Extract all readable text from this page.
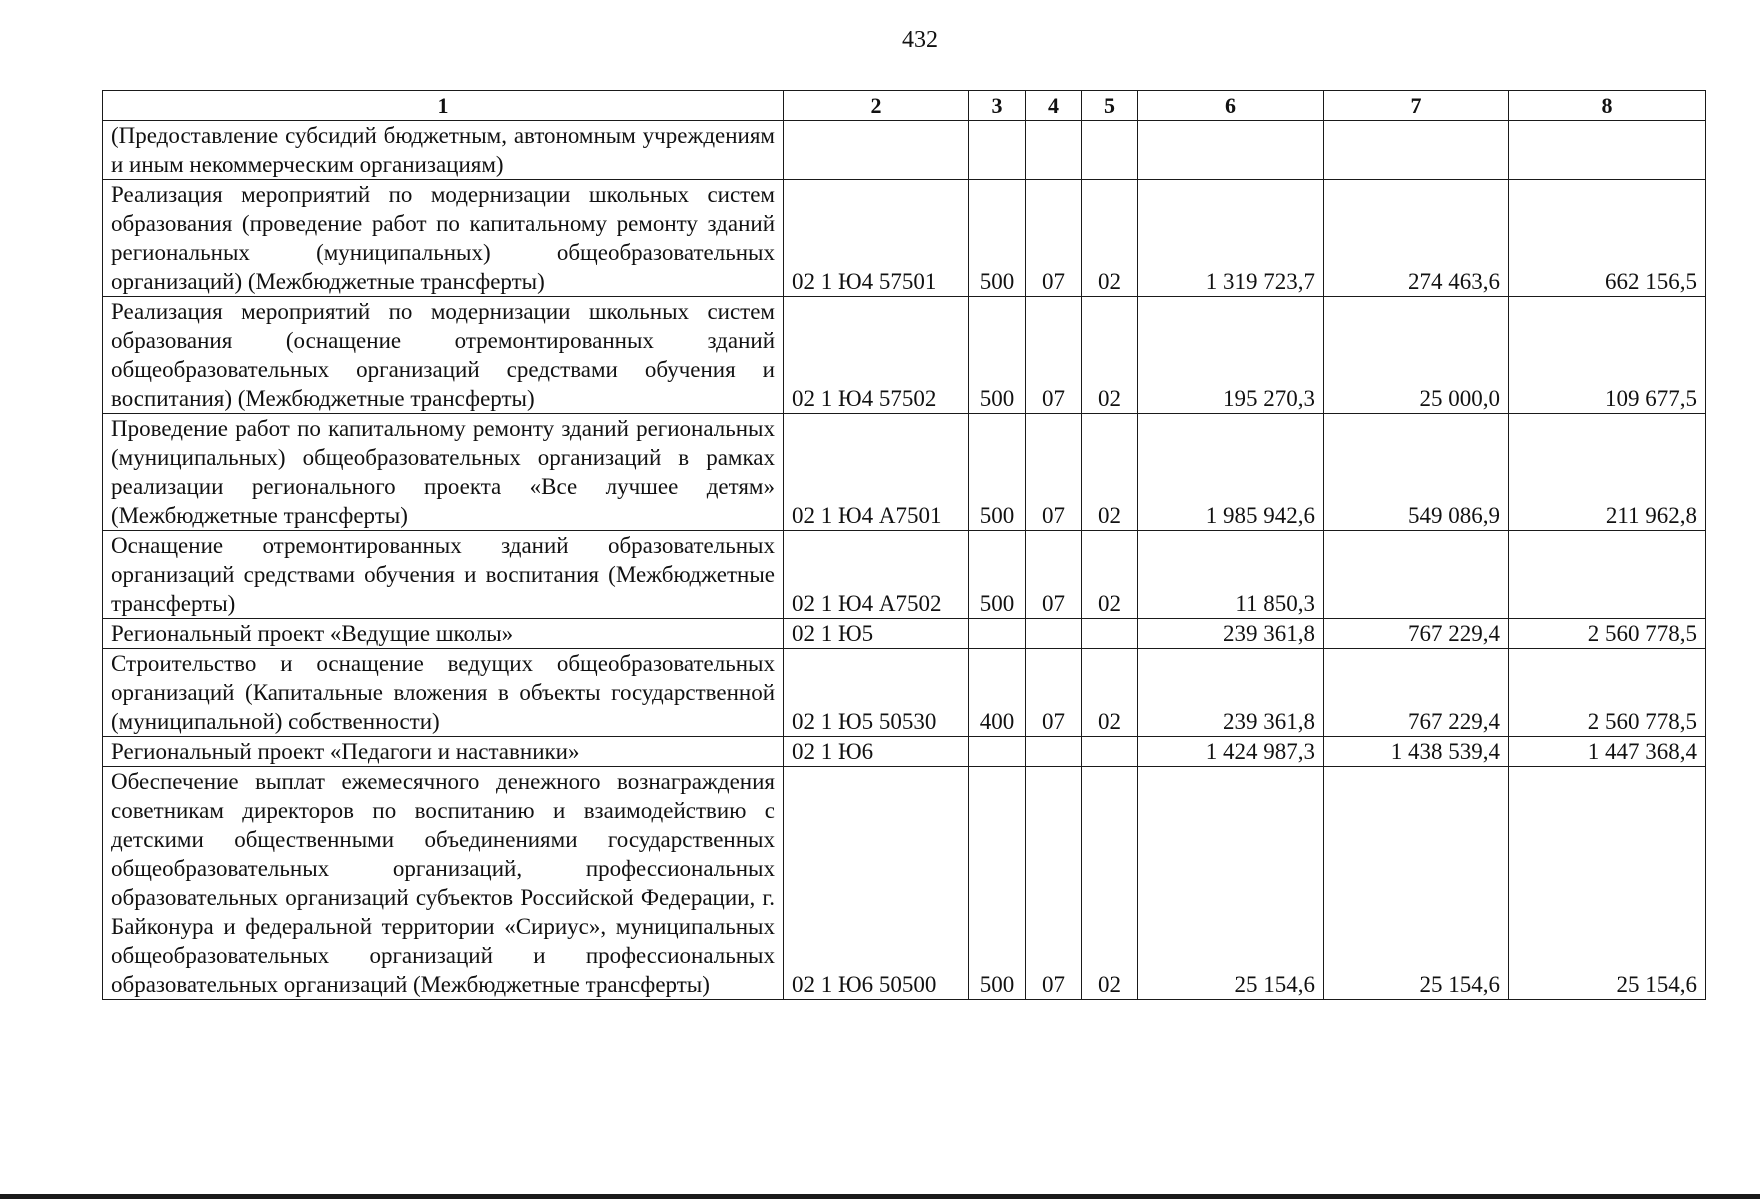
432
1	2	3	4	5	6	7	8
(Предоставление субсидий бюджетным, автономным учреждениям и иным некоммерческим организациям)							
Реализация мероприятий по модернизации школьных систем образования (проведение работ по капитальному ремонту зданий региональных (муниципальных) общеобразовательных организаций) (Межбюджетные трансферты)	02 1 Ю4 57501	500	07	02	1 319 723,7	274 463,6	662 156,5
Реализация мероприятий по модернизации школьных систем образования (оснащение отремонтированных зданий общеобразовательных организаций средствами обучения и воспитания) (Межбюджетные трансферты)	02 1 Ю4 57502	500	07	02	195 270,3	25 000,0	109 677,5
Проведение работ по капитальному ремонту зданий региональных (муниципальных) общеобразовательных организаций в рамках реализации регионального проекта «Все лучшее детям» (Межбюджетные трансферты)	02 1 Ю4 А7501	500	07	02	1 985 942,6	549 086,9	211 962,8
Оснащение отремонтированных зданий образовательных организаций средствами обучения и воспитания (Межбюджетные трансферты)	02 1 Ю4 А7502	500	07	02	11 850,3		
Региональный проект «Ведущие школы»	02 1 Ю5				239 361,8	767 229,4	2 560 778,5
Строительство и оснащение ведущих общеобразовательных организаций (Капитальные вложения в объекты государственной (муниципальной) собственности)	02 1 Ю5 50530	400	07	02	239 361,8	767 229,4	2 560 778,5
Региональный проект «Педагоги и наставники»	02 1 Ю6				1 424 987,3	1 438 539,4	1 447 368,4
Обеспечение выплат ежемесячного денежного вознаграждения советникам директоров по воспитанию и взаимодействию с детскими общественными объединениями государственных общеобразовательных организаций, профессиональных образовательных организаций субъектов Российской Федерации, г. Байконура и федеральной территории «Сириус», муниципальных общеобразовательных организаций и профессиональных образовательных организаций (Межбюджетные трансферты)	02 1 Ю6 50500	500	07	02	25 154,6	25 154,6	25 154,6
